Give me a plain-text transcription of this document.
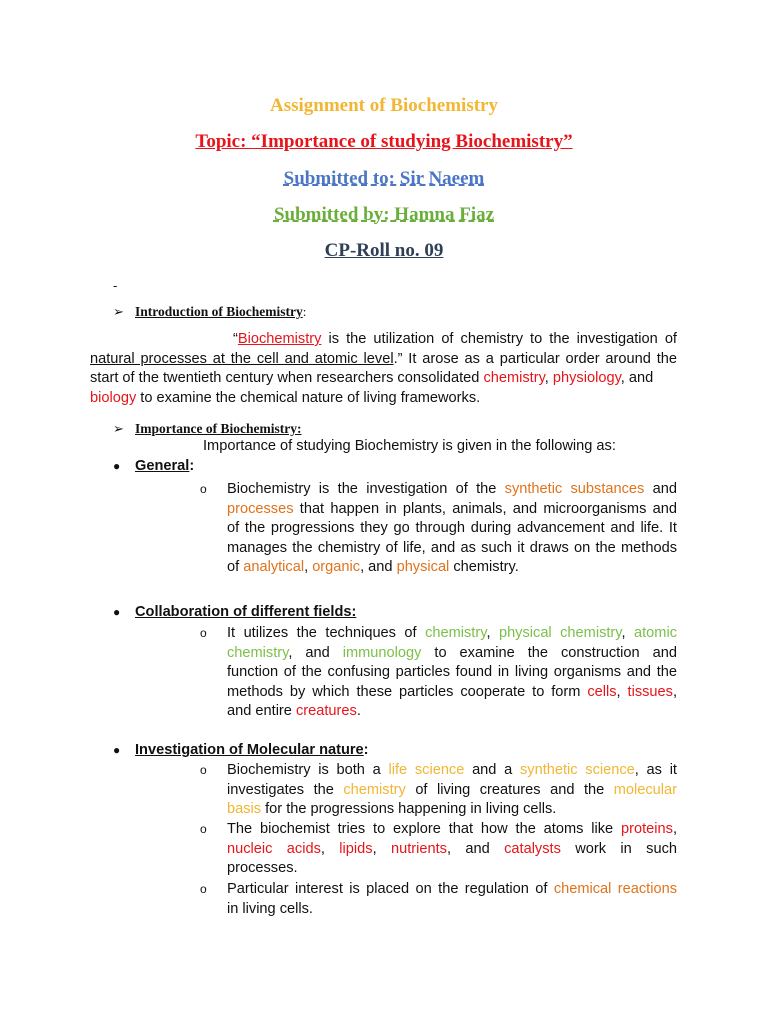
Assignment of Biochemistry
Topic: “Importance of studying Biochemistry”
Submitted to: Sir Naeem
Submitted by: Hamna Fiaz
CP-Roll no. 09
-
➢ Introduction of Biochemistry:
“Biochemistry is the utilization of chemistry to the investigation of
natural processes at the cell and atomic level.” It arose as a particular order around the
start of the twentieth century when researchers consolidated chemistry, physiology, and
biology to examine the chemical nature of living frameworks.
➢ Importance of Biochemistry:
Importance of studying Biochemistry is given in the following as:
● General:
o Biochemistry is the investigation of the synthetic substances and
processes that happen in plants, animals, and microorganisms and
of the progressions they go through during advancement and life. It
manages the chemistry of life, and as such it draws on the methods
of analytical, organic, and physical chemistry.
● Collaboration of different fields:
o It utilizes the techniques of chemistry, physical chemistry, atomic
chemistry, and immunology to examine the construction and
function of the confusing particles found in living organisms and the
methods by which these particles cooperate to form cells, tissues,
and entire creatures.
● Investigation of Molecular nature:
o Biochemistry is both a life science and a synthetic science, as it
investigates the chemistry of living creatures and the molecular
basis for the progressions happening in living cells.
o The biochemist tries to explore that how the atoms like proteins,
nucleic acids, lipids, nutrients, and catalysts work in such
processes.
o Particular interest is placed on the regulation of chemical reactions
in living cells.
